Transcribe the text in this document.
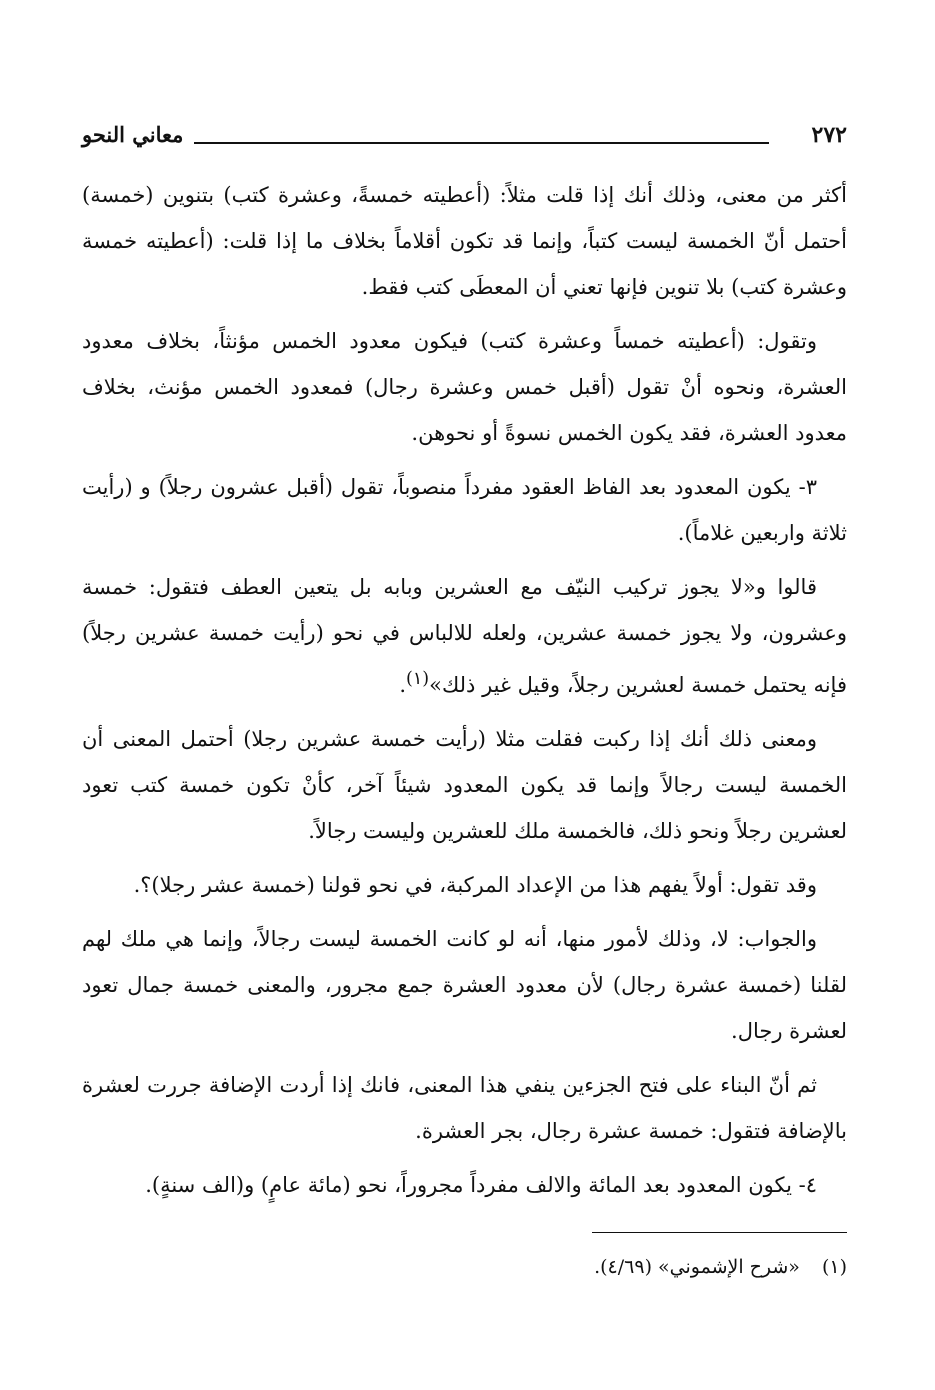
٢٧٢
معاني النحو

أكثر من معنى، وذلك أنك إذا قلت مثلاً: (أعطيته خمسةً، وعشرة كتب) بتنوين (خمسة) أحتمل أنّ الخمسة ليست كتباً، وإنما قد تكون أقلاماً بخلاف ما إذا قلت: (أعطيته خمسة وعشرة كتب) بلا تنوين فإنها تعني أن المعطَى كتب فقط.

وتقول: (أعطيته خمساً وعشرة كتب) فيكون معدود الخمس مؤنثاً، بخلاف معدود العشرة، ونحوه أنْ تقول (أقبل خمس وعشرة رجال) فمعدود الخمس مؤنث، بخلاف معدود العشرة، فقد يكون الخمس نسوةً أو نحوهن.

٣- يكون المعدود بعد الفاظ العقود مفرداً منصوباً، تقول (أقبل عشرون رجلاً) و (رأيت ثلاثة واربعين غلاماً).

قالوا و«لا يجوز تركيب النيّف مع العشرين وبابه بل يتعين العطف فتقول: خمسة وعشرون، ولا يجوز خمسة عشرين، ولعله للالباس في نحو (رأيت خمسة عشرين رجلاً) فإنه يحتمل خمسة لعشرين رجلاً، وقيل غير ذلك»$^{(١)}$.

ومعنى ذلك أنك إذا ركبت فقلت مثلا (رأيت خمسة عشرين رجلا) أحتمل المعنى أن الخمسة ليست رجالاً وإنما قد يكون المعدود شيئاً آخر، كأنْ تكون خمسة كتب تعود لعشرين رجلاً ونحو ذلك، فالخمسة ملك للعشرين وليست رجالاً.

وقد تقول: أولاً يفهم هذا من الإعداد المركبة، في نحو قولنا (خمسة عشر رجلا)؟.

والجواب: لا، وذلك لأمور منها، أنه لو كانت الخمسة ليست رجالاً، وإنما هي ملك لهم لقلنا (خمسة عشرة رجال) لأن معدود العشرة جمع مجرور، والمعنى خمسة جمال تعود لعشرة رجال.

ثم أنّ البناء على فتح الجزءين ينفي هذا المعنى، فانك إذا أردت الإضافة جررت لعشرة بالإضافة فتقول: خمسة عشرة رجال، بجر العشرة.

٤- يكون المعدود بعد المائة والالف مفرداً مجروراً، نحو (مائة عامٍ) و(الف سنةٍ).

(١)«شرح الإشموني» (٤/٦٩).
